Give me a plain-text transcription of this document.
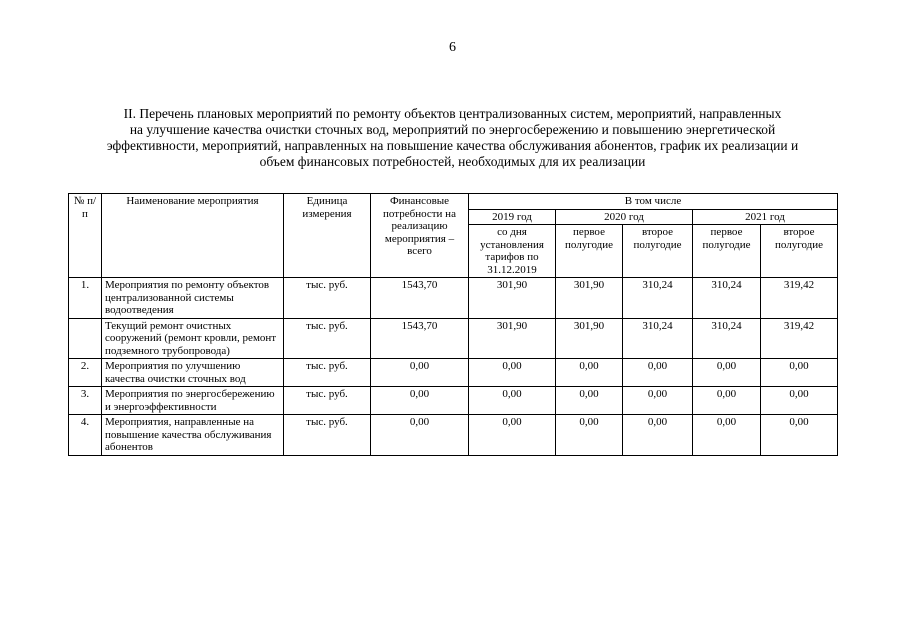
6
II. Перечень плановых мероприятий по ремонту объектов централизованных систем, мероприятий, направленных
на улучшение качества очистки сточных вод, мероприятий по энергосбережению и повышению энергетической
эффективности, мероприятий, направленных на повышение качества обслуживания абонентов, график их реализации и
объем финансовых потребностей, необходимых для их реализации
№ п/п	Наименование мероприятия	Единица измерения	Финансовые потребности на реализацию мероприятия – всего	В том числе				
				2019 год	2020 год		2021 год	
				со дня установления тарифов по 31.12.2019	первое полугодие	второе полугодие	первое полугодие	второе полугодие
1.	Мероприятия по ремонту объектов централизованной системы водоотведения	тыс. руб.	1543,70	301,90	301,90	310,24	310,24	319,42
	Текущий ремонт очистных сооружений (ремонт кровли, ремонт подземного трубопровода)	тыс. руб.	1543,70	301,90	301,90	310,24	310,24	319,42
2.	Мероприятия по улучшению качества очистки сточных вод	тыс. руб.	0,00	0,00	0,00	0,00	0,00	0,00
3.	Мероприятия по энергосбережению и энергоэффективности	тыс. руб.	0,00	0,00	0,00	0,00	0,00	0,00
4.	Мероприятия, направленные на повышение качества обслуживания абонентов	тыс. руб.	0,00	0,00	0,00	0,00	0,00	0,00
